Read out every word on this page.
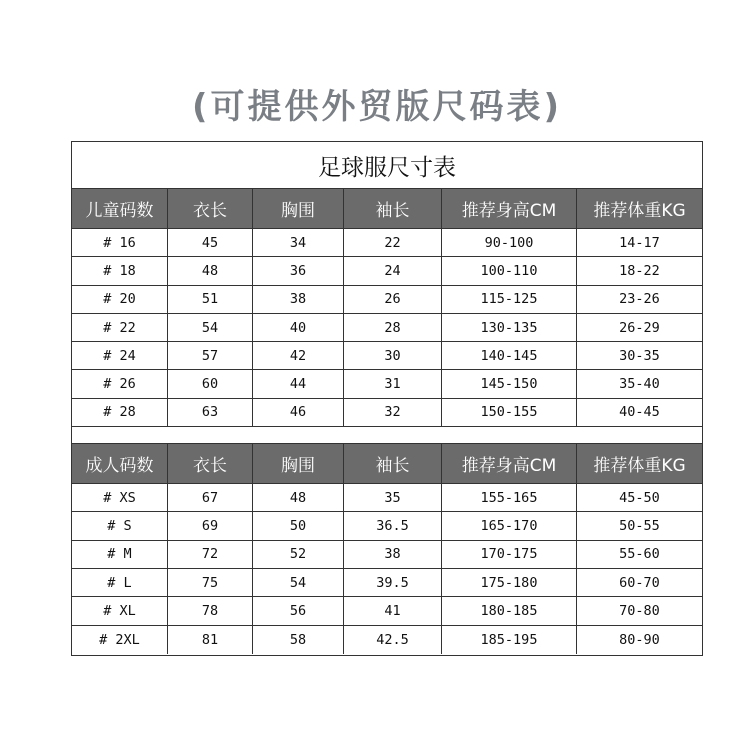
(可提供外贸版尺码表)
足球服尺寸表
儿童码数	衣长	胸围	袖长	推荐身高CM	推荐体重KG
# 16	45	34	22	90-100	14-17
# 18	48	36	24	100-110	18-22
# 20	51	38	26	115-125	23-26
# 22	54	40	28	130-135	26-29
# 24	57	42	30	140-145	30-35
# 26	60	44	31	145-150	35-40
# 28	63	46	32	150-155	40-45
成人码数	衣长	胸围	袖长	推荐身高CM	推荐体重KG
# XS	67	48	35	155-165	45-50
# S	69	50	36.5	165-170	50-55
# M	72	52	38	170-175	55-60
# L	75	54	39.5	175-180	60-70
# XL	78	56	41	180-185	70-80
# 2XL	81	58	42.5	185-195	80-90
